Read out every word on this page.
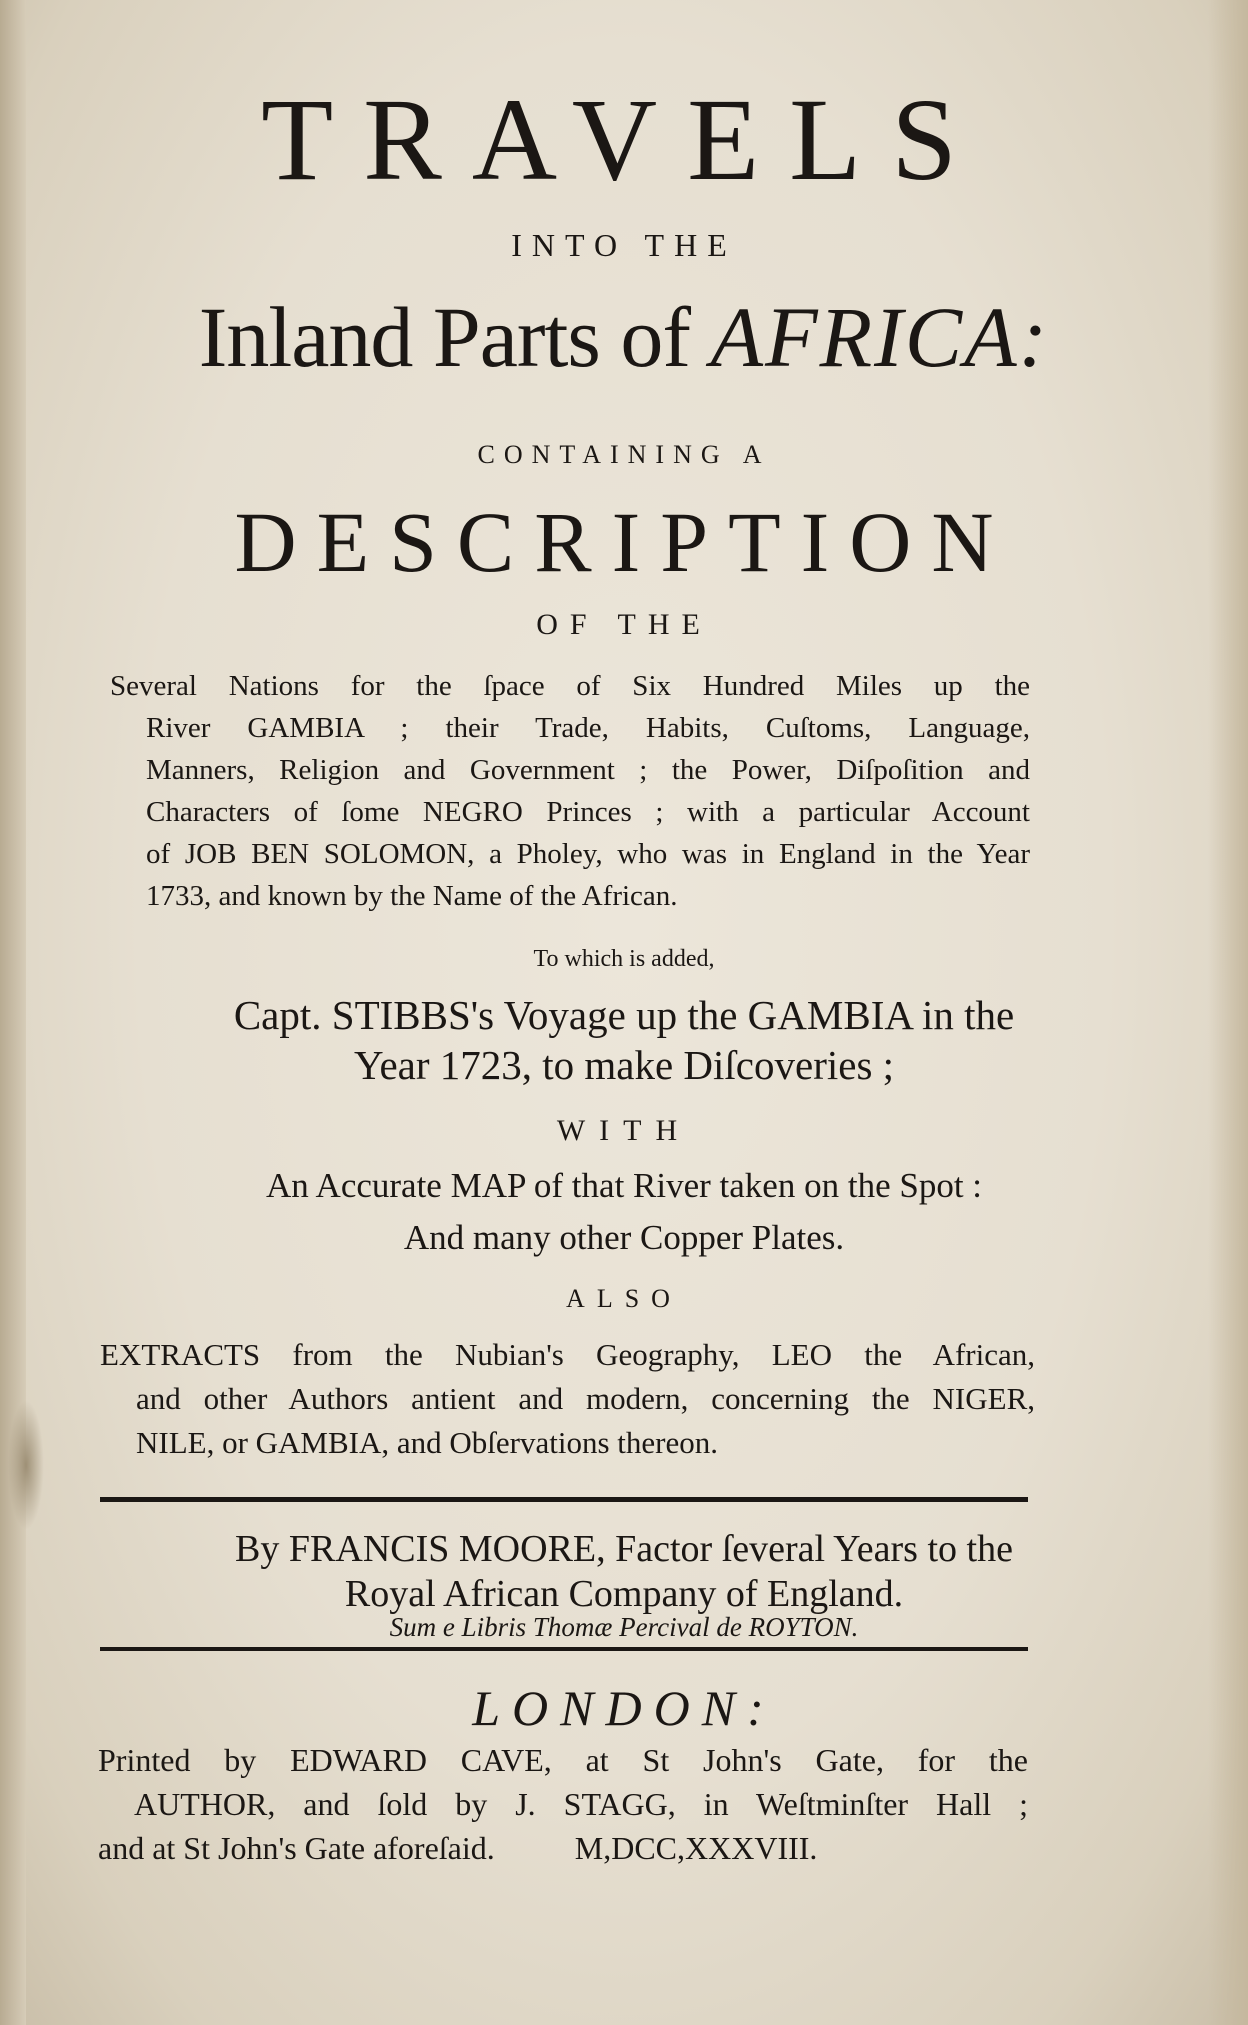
TRAVELS
INTO THE
Inland Parts of AFRICA:
CONTAINING A
DESCRIPTION
OF THE
Several Nations for the ſpace of Six Hundred Miles up the
River GAMBIA ; their Trade, Habits, Cuſtoms, Language,
Manners, Religion and Government ; the Power, Diſpoſition and
Characters of ſome NEGRO Princes ; with a particular Account
of JOB BEN SOLOMON, a Pholey, who was in England in the Year
1733, and known by the Name of the African.
To which is added,
Capt. STIBBS's Voyage up the GAMBIA in the
Year 1723, to make Diſcoveries ;
WITH
An Accurate MAP of that River taken on the Spot :
And many other Copper Plates.
ALSO
EXTRACTS from the Nubian's Geography, LEO the African,
and other Authors antient and modern, concerning the NIGER,
NILE, or GAMBIA, and Obſervations thereon.
By FRANCIS MOORE, Factor ſeveral Years to the
Royal African Company of England.
Sum e Libris Thomæ Percival de ROYTON.
LONDON:
Printed by EDWARD CAVE, at St John's Gate, for the
AUTHOR, and ſold by J. STAGG, in Weſtminſter Hall ;
and at St John's Gate aforeſaid.          M,DCC,XXXVIII.
